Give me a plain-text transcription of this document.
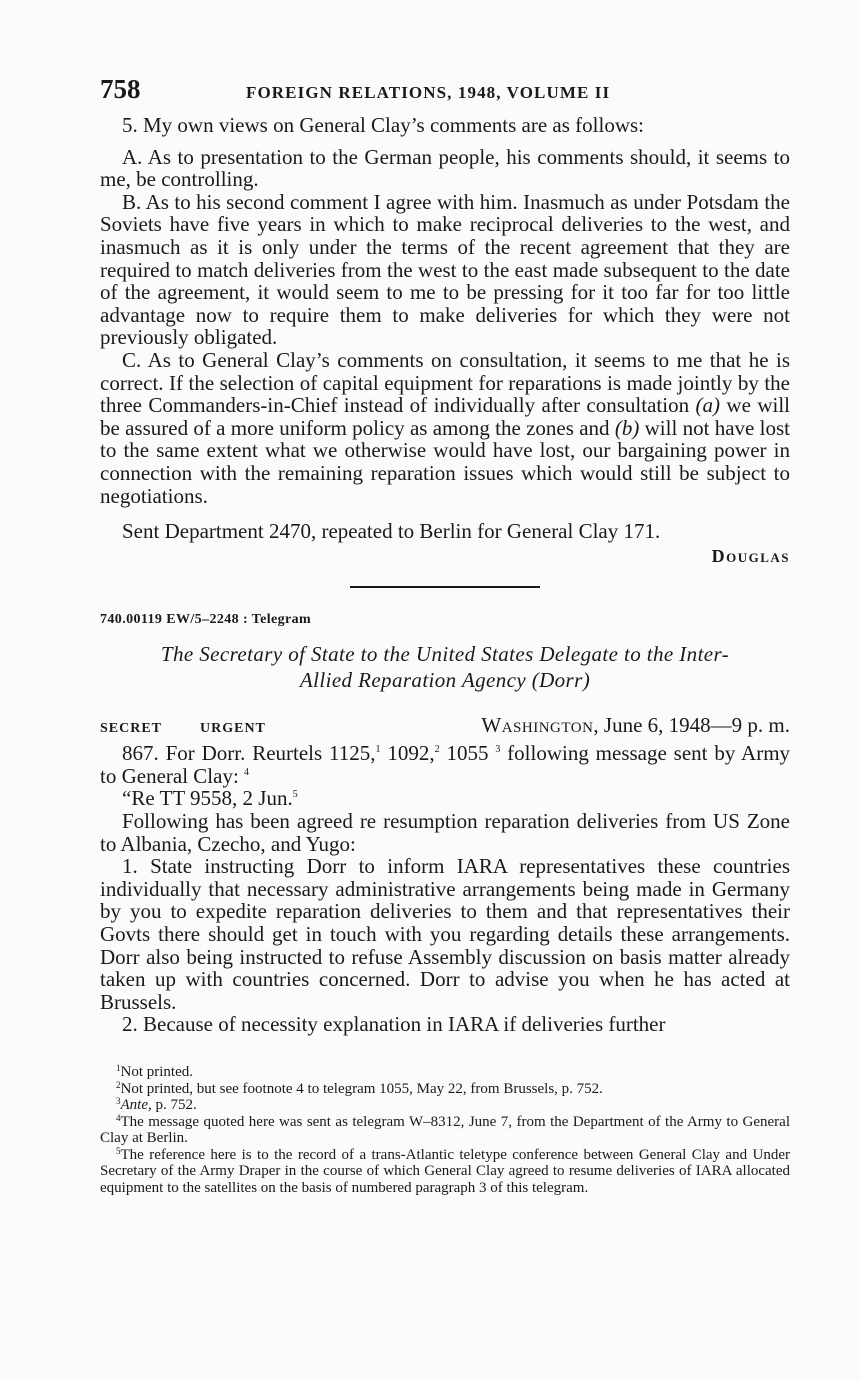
758	FOREIGN RELATIONS, 1948, VOLUME II

5. My own views on General Clay’s comments are as follows:

A. As to presentation to the German people, his comments should, it seems to me, be controlling.

B. As to his second comment I agree with him. Inasmuch as under Potsdam the Soviets have five years in which to make reciprocal deliveries to the west, and inasmuch as it is only under the terms of the recent agreement that they are required to match deliveries from the west to the east made subsequent to the date of the agreement, it would seem to me to be pressing for it too far for too little advantage now to require them to make deliveries for which they were not previously obligated.

C. As to General Clay’s comments on consultation, it seems to me that he is correct. If the selection of capital equipment for reparations is made jointly by the three Commanders-in-Chief instead of individually after consultation (a) we will be assured of a more uniform policy as among the zones and (b) will not have lost to the same extent what we otherwise would have lost, our bargaining power in connection with the remaining reparation issues which would still be subject to negotiations.

Sent Department 2470, repeated to Berlin for General Clay 171.

Douglas
740.00119 EW/5–2248 : Telegram
The Secretary of State to the United States Delegate to the Inter-
Allied Reparation Agency (Dorr)
SECRET	URGENT	Washington, June 6, 1948—9 p. m.

867. For Dorr. Reurtels 1125,$^1$ 1092,$^2$ 1055 $^3$ following message sent by Army to General Clay: $^4$

“Re TT 9558, 2 Jun.$^5$

Following has been agreed re resumption reparation deliveries from US Zone to Albania, Czecho, and Yugo:

1. State instructing Dorr to inform IARA representatives these countries individually that necessary administrative arrangements being made in Germany by you to expedite reparation deliveries to them and that representatives their Govts there should get in touch with you regarding details these arrangements. Dorr also being instructed to refuse Assembly discussion on basis matter already taken up with countries concerned. Dorr to advise you when he has acted at Brussels.

2. Because of necessity explanation in IARA if deliveries further

$^1$Not printed.

$^2$Not printed, but see footnote 4 to telegram 1055, May 22, from Brussels, p. 752.

$^3$Ante, p. 752.

$^4$The message quoted here was sent as telegram W–8312, June 7, from the Department of the Army to General Clay at Berlin.

$^5$The reference here is to the record of a trans-Atlantic teletype conference between General Clay and Under Secretary of the Army Draper in the course of which General Clay agreed to resume deliveries of IARA allocated equipment to the satellites on the basis of numbered paragraph 3 of this telegram.
